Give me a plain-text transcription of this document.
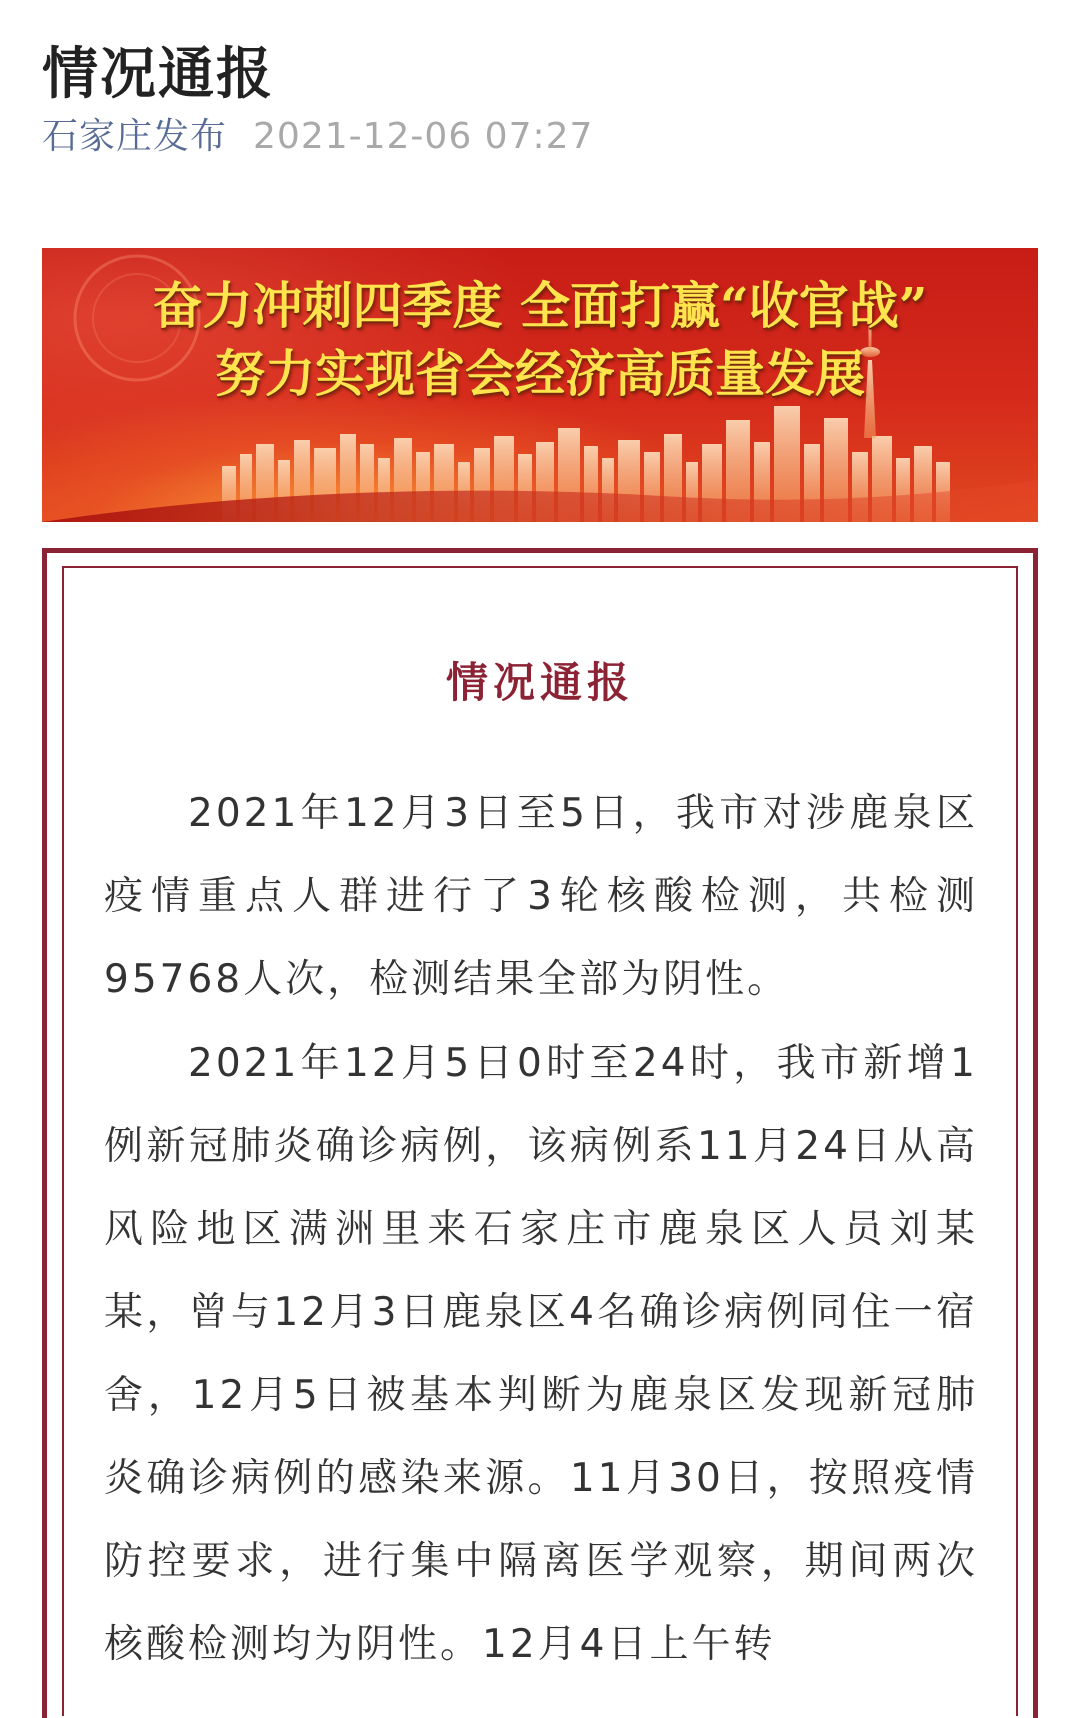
情况通报
石家庄发布 2021-12-06 07:27
奋力冲刺四季度 全面打赢“收官战”
努力实现省会经济高质量发展
情况通报

2021年12月3日至5日，我市对涉鹿泉区疫情重点人群进行了3轮核酸检测，共检测95768人次，检测结果全部为阴性。

2021年12月5日0时至24时，我市新增1例新冠肺炎确诊病例，该病例系11月24日从高风险地区满洲里来石家庄市鹿泉区人员刘某某，曾与12月3日鹿泉区4名确诊病例同住一宿舍，12月5日被基本判断为鹿泉区发现新冠肺炎确诊病例的感染来源。11月30日，按照疫情防控要求，进行集中隔离医学观察，期间两次核酸检测均为阴性。12月4日上午转
